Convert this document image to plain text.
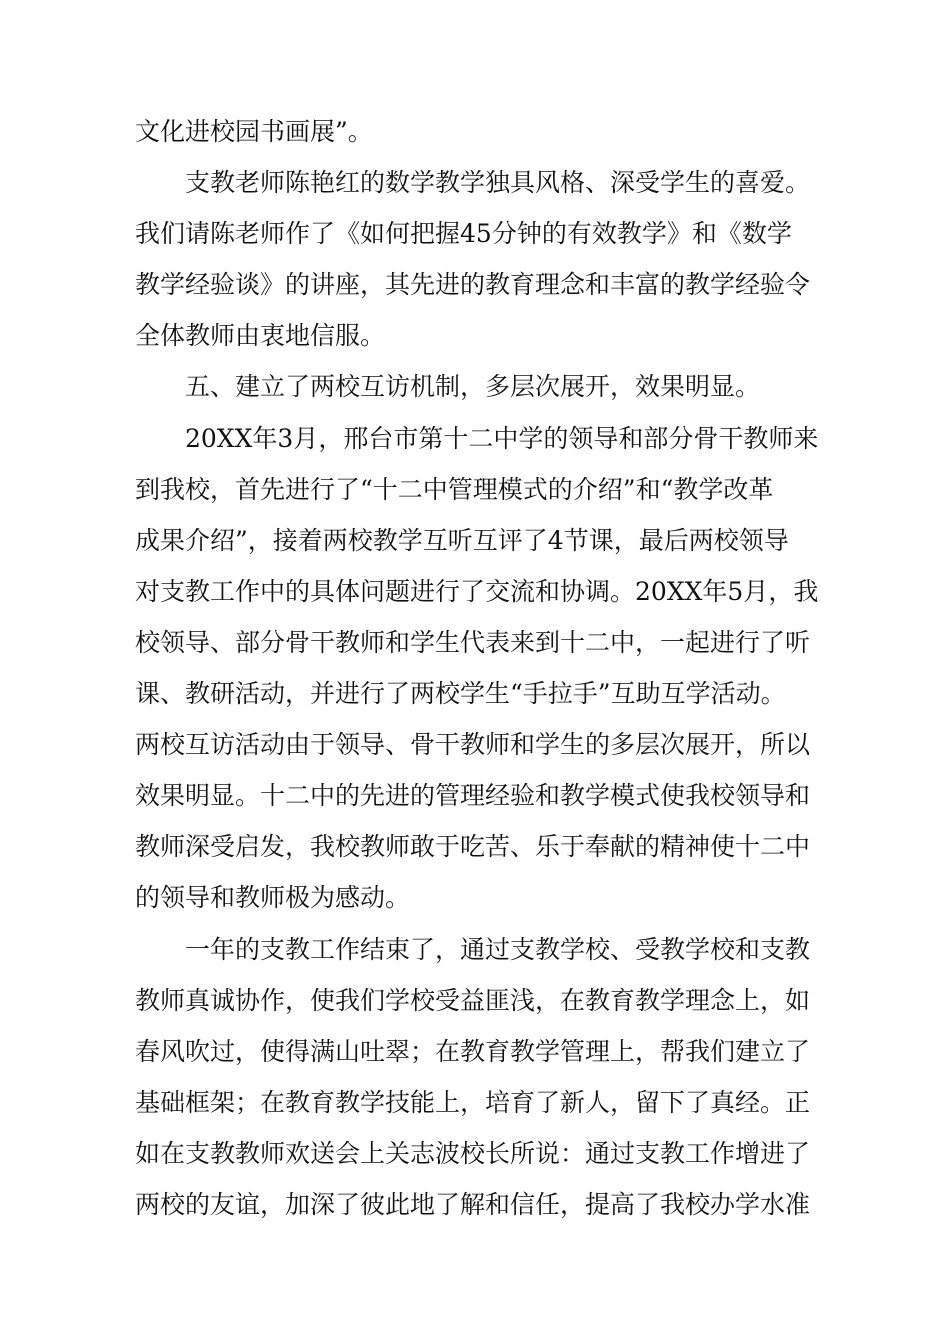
文化进校园书画展”。
支教老师陈艳红的数学教学独具风格、深受学生的喜爱。
我们请陈老师作了《如何把握45分钟的有效教学》和《数学
教学经验谈》的讲座，其先进的教育理念和丰富的教学经验令
全体教师由衷地信服。
五、建立了两校互访机制，多层次展开，效果明显。
20XX年3月，邢台市第十二中学的领导和部分骨干教师来
到我校，首先进行了“十二中管理模式的介绍”和“教学改革
成果介绍”，接着两校教学互听互评了4节课，最后两校领导
对支教工作中的具体问题进行了交流和协调。20XX年5月，我
校领导、部分骨干教师和学生代表来到十二中，一起进行了听
课、教研活动，并进行了两校学生“手拉手”互助互学活动。
两校互访活动由于领导、骨干教师和学生的多层次展开，所以
效果明显。十二中的先进的管理经验和教学模式使我校领导和
教师深受启发，我校教师敢于吃苦、乐于奉献的精神使十二中
的领导和教师极为感动。
一年的支教工作结束了，通过支教学校、受教学校和支教
教师真诚协作，使我们学校受益匪浅，在教育教学理念上，如
春风吹过，使得满山吐翠；在教育教学管理上，帮我们建立了
基础框架；在教育教学技能上，培育了新人，留下了真经。正
如在支教教师欢送会上关志波校长所说：通过支教工作增进了
两校的友谊，加深了彼此地了解和信任，提高了我校办学水准
